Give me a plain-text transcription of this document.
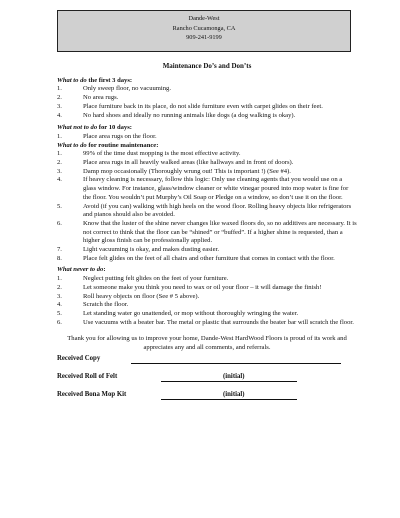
Dande-West
Rancho Cucamonga, CA
909-241-9199
Maintenance Do’s and Don’ts
What to do the first 3 days:
1.	Only sweep floor, no vacuuming.
2.	No area rugs.
3.	Place furniture back in its place, do not slide furniture even with carpet glides on their feet.
4.	No hard shoes and ideally no running animals like dogs (a dog walking is okay).
What not to do for 10 days:
1.	Place area rugs on the floor.
What to do for routine maintenance:
1.	99% of the time dust mopping is the most effective activity.
2.	Place area rugs in all heavily walked areas (like hallways and in front of doors).
3.	Damp mop occasionally (Thoroughly wrung out! This is important !) (See #4).
4.	If heavy cleaning is necessary, follow this logic: Only use cleaning agents that you would use on a glass window. For instance, glass/window cleaner or white vinegar poured into mop water is fine for the floor. You wouldn’t put Murphy’s Oil Soap or Pledge on a window, so don’t use it on the floor.
5.	Avoid (if you can) walking with high heels on the wood floor. Rolling heavy objects like refrigerators and pianos should also be avoided.
6.	Know that the luster of the shine never changes like waxed floors do, so no additives are necessary. It is not correct to think that the floor can be “shined” or “buffed”. If a higher shine is requested, than a higher gloss finish can be professionally applied.
7.	Light vacuuming is okay, and makes dusting easier.
8.	Place felt glides on the feet of all chairs and other furniture that comes in contact with the floor.
What never to do:
1.	Neglect putting felt glides on the feet of your furniture.
2.	Let someone make you think you need to wax or oil your floor – it will damage the finish!
3.	Roll heavy objects on floor (See # 5 above).
4.	Scratch the floor.
5.	Let standing water go unattended, or mop without thoroughly wringing the water.
6.	Use vacuums with a beater bar. The metal or plastic that surrounds the beater bar will scratch the floor.
Thank you for allowing us to improve your home, Dande-West HardWood Floors is proud of its work and appreciates any and all comments, and referrals.
Received Copy
Received Roll of Felt	(initial)
Received Bona Mop Kit	(initial)
